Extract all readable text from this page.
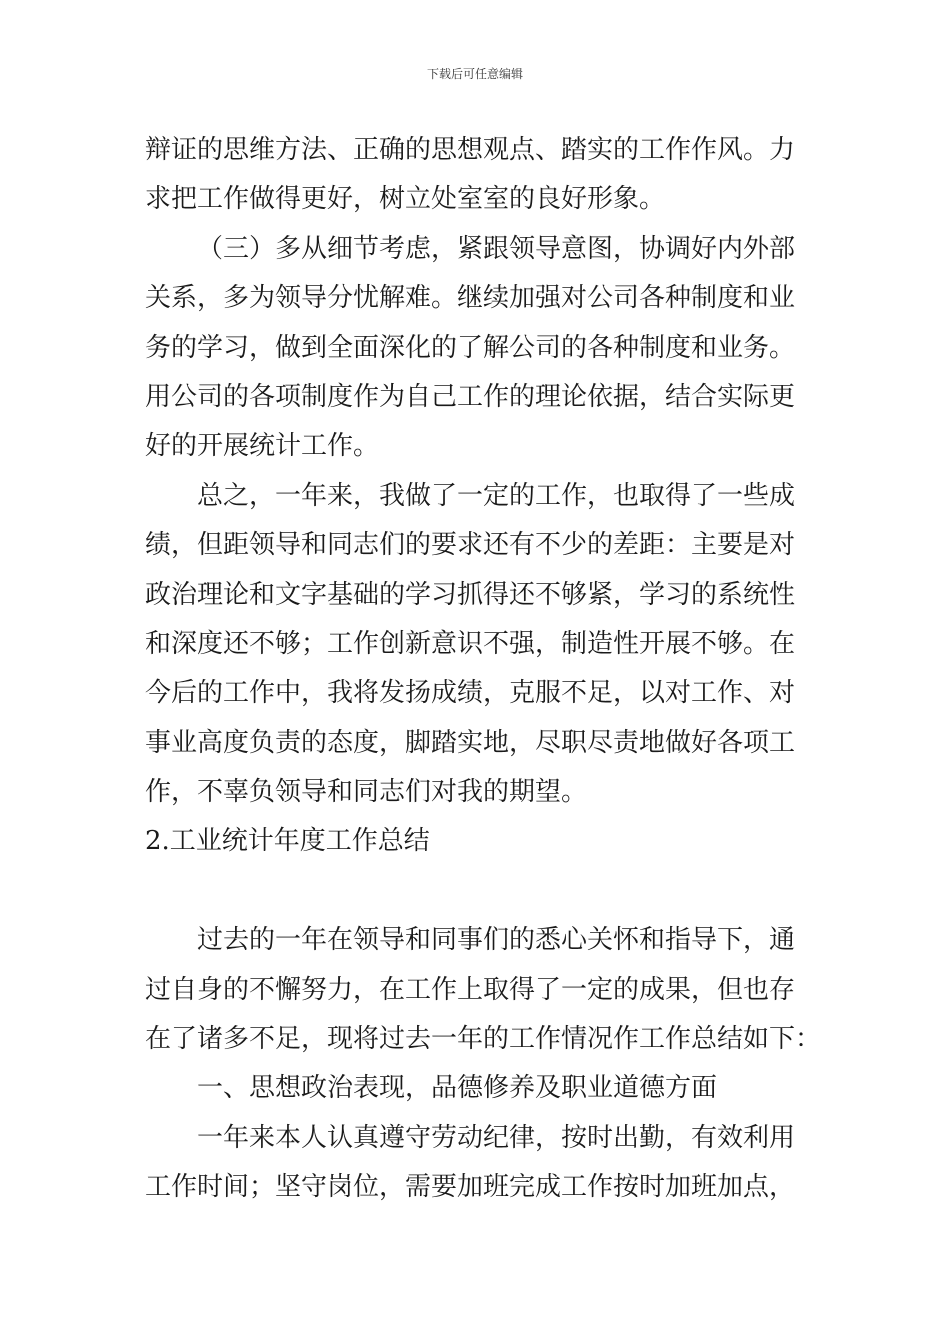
下载后可任意编辑
辩证的思维方法、正确的思想观点、踏实的工作作风。力
求把工作做得更好，树立处室室的良好形象。
（三）多从细节考虑，紧跟领导意图，协调好内外部
关系，多为领导分忧解难。继续加强对公司各种制度和业
务的学习，做到全面深化的了解公司的各种制度和业务。
用公司的各项制度作为自己工作的理论依据，结合实际更
好的开展统计工作。
总之，一年来，我做了一定的工作，也取得了一些成
绩，但距领导和同志们的要求还有不少的差距：主要是对
政治理论和文字基础的学习抓得还不够紧，学习的系统性
和深度还不够；工作创新意识不强，制造性开展不够。在
今后的工作中，我将发扬成绩，克服不足，以对工作、对
事业高度负责的态度，脚踏实地，尽职尽责地做好各项工
作，不辜负领导和同志们对我的期望。
2.工业统计年度工作总结
过去的一年在领导和同事们的悉心关怀和指导下，通
过自身的不懈努力，在工作上取得了一定的成果，但也存
在了诸多不足，现将过去一年的工作情况作工作总结如下：
一、思想政治表现，品德修养及职业道德方面
一年来本人认真遵守劳动纪律，按时出勤，有效利用
工作时间；坚守岗位，需要加班完成工作按时加班加点，
